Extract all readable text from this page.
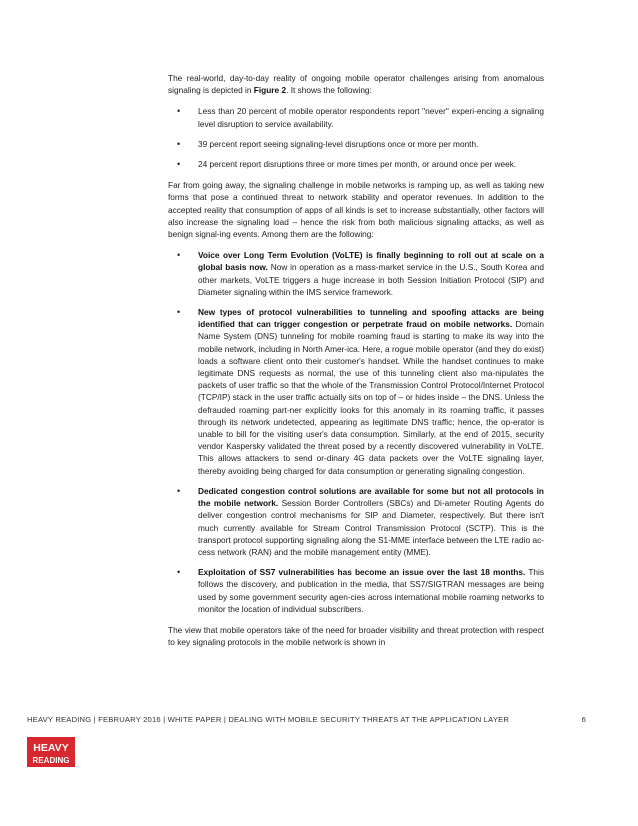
The real-world, day-to-day reality of ongoing mobile operator challenges arising from anomalous signaling is depicted in Figure 2. It shows the following:

• Less than 20 percent of mobile operator respondents report "never" experi-encing a signaling level disruption to service availability.
• 39 percent report seeing signaling-level disruptions once or more per month.
• 24 percent report disruptions three or more times per month, or around once per week.

Far from going away, the signaling challenge in mobile networks is ramping up, as well as taking new forms that pose a continued threat to network stability and operator revenues. In addition to the accepted reality that consumption of apps of all kinds is set to increase substantially, other factors will also increase the signaling load – hence the risk from both malicious signaling attacks, as well as benign signal-ing events. Among them are the following:

• Voice over Long Term Evolution (VoLTE) is finally beginning to roll out at scale on a global basis now. Now in operation as a mass-market service in the U.S., South Korea and other markets, VoLTE triggers a huge increase in both Session Initiation Protocol (SIP) and Diameter signaling within the IMS service framework.
• New types of protocol vulnerabilities to tunneling and spoofing attacks are being identified that can trigger congestion or perpetrate fraud on mobile networks. Domain Name System (DNS) tunneling for mobile roaming fraud is starting to make its way into the mobile network, including in North Amer-ica. Here, a rogue mobile operator (and they do exist) loads a software client onto their customer's handset. While the handset continues to make legitimate DNS requests as normal, the use of this tunneling client also ma-nipulates the packets of user traffic so that the whole of the Transmission Control Protocol/Internet Protocol (TCP/IP) stack in the user traffic actually sits on top of – or hides inside – the DNS. Unless the defrauded roaming part-ner explicitly looks for this anomaly in its roaming traffic, it passes through its network undetected, appearing as legitimate DNS traffic; hence, the op-erator is unable to bill for the visiting user's data consumption. Similarly, at the end of 2015, security vendor Kaspersky validated the threat posed by a recently discovered vulnerability in VoLTE. This allows attackers to send or-dinary 4G data packets over the VoLTE signaling layer, thereby avoiding being charged for data consumption or generating signaling congestion.
• Dedicated congestion control solutions are available for some but not all protocols in the mobile network. Session Border Controllers (SBCs) and Di-ameter Routing Agents do deliver congestion control mechanisms for SIP and Diameter, respectively. But there isn't much currently available for Stream Control Transmission Protocol (SCTP). This is the transport protocol supporting signaling along the S1-MME interface between the LTE radio ac-cess network (RAN) and the mobile management entity (MME).
• Exploitation of SS7 vulnerabilities has become an issue over the last 18 months. This follows the discovery, and publication in the media, that SS7/SIGTRAN messages are being used by some government security agen-cies across international mobile roaming networks to monitor the location of individual subscribers.

The view that mobile operators take of the need for broader visibility and threat protection with respect to key signaling protocols in the mobile network is shown in

HEAVY READING | FEBRUARY 2016 | WHITE PAPER | DEALING WITH MOBILE SECURITY THREATS AT THE APPLICATION LAYER	6
HEAVY
READING
